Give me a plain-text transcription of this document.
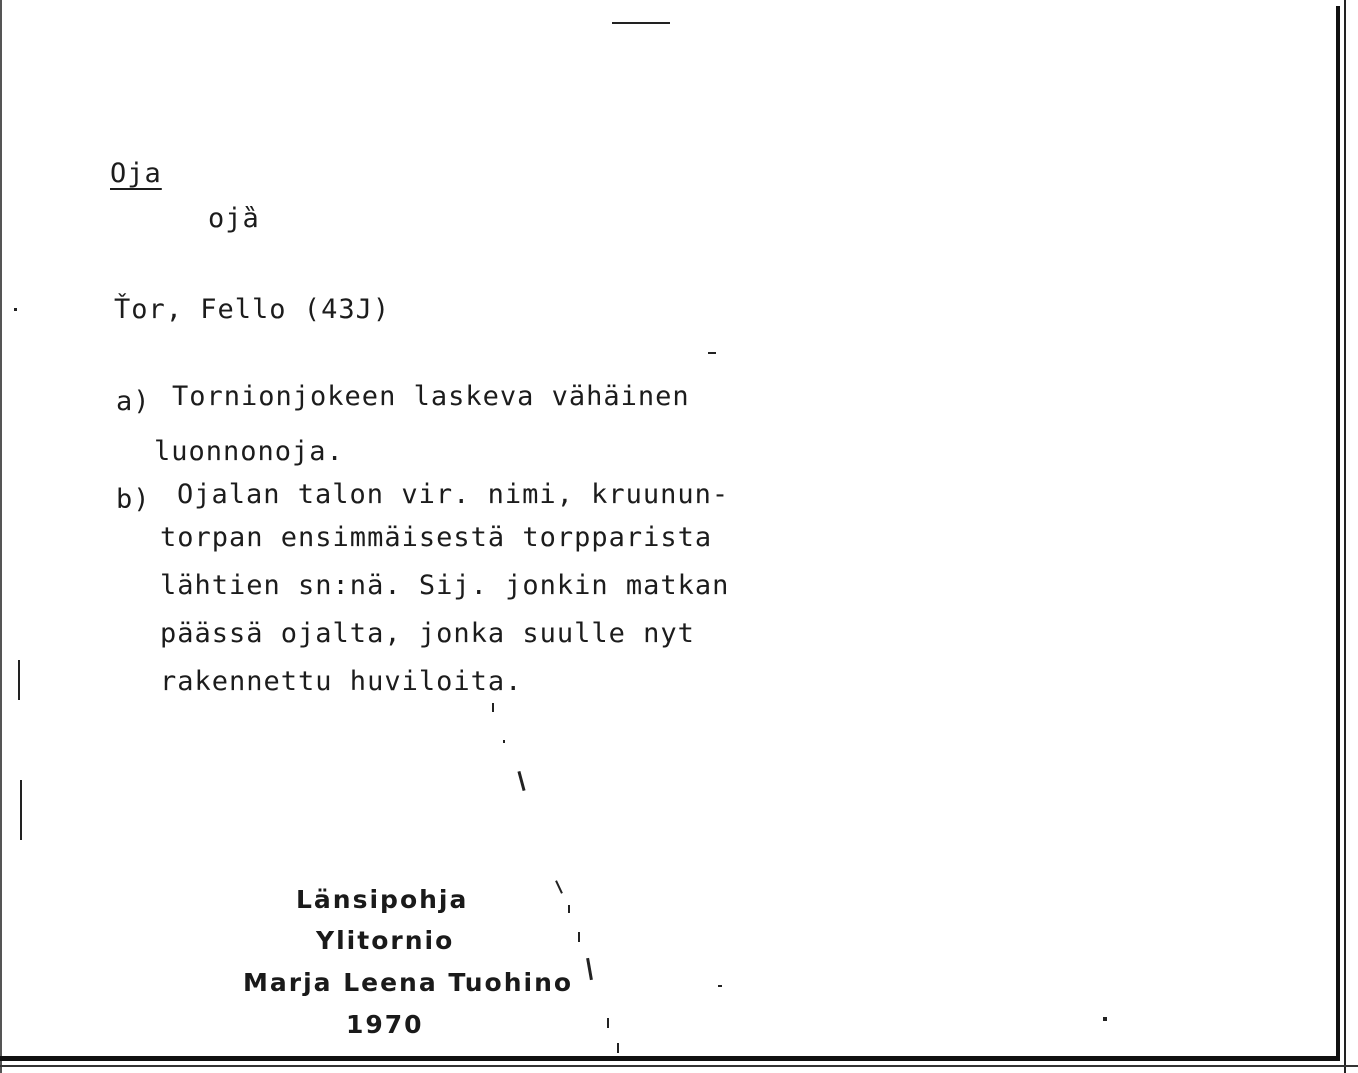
Oja
ojȁ
Ťor, Fello (43J)
a) Tornionjokeen laskeva vähäinen
luonnonoja.
b) Ojalan talon vir. nimi, kruunun-
torpan ensimmäisestä torpparista
lähtien sn:nä. Sij. jonkin matkan
päässä ojalta, jonka suulle nyt
rakennettu huviloita.
Länsipohja
Ylitornio
Marja Leena Tuohino
1970
